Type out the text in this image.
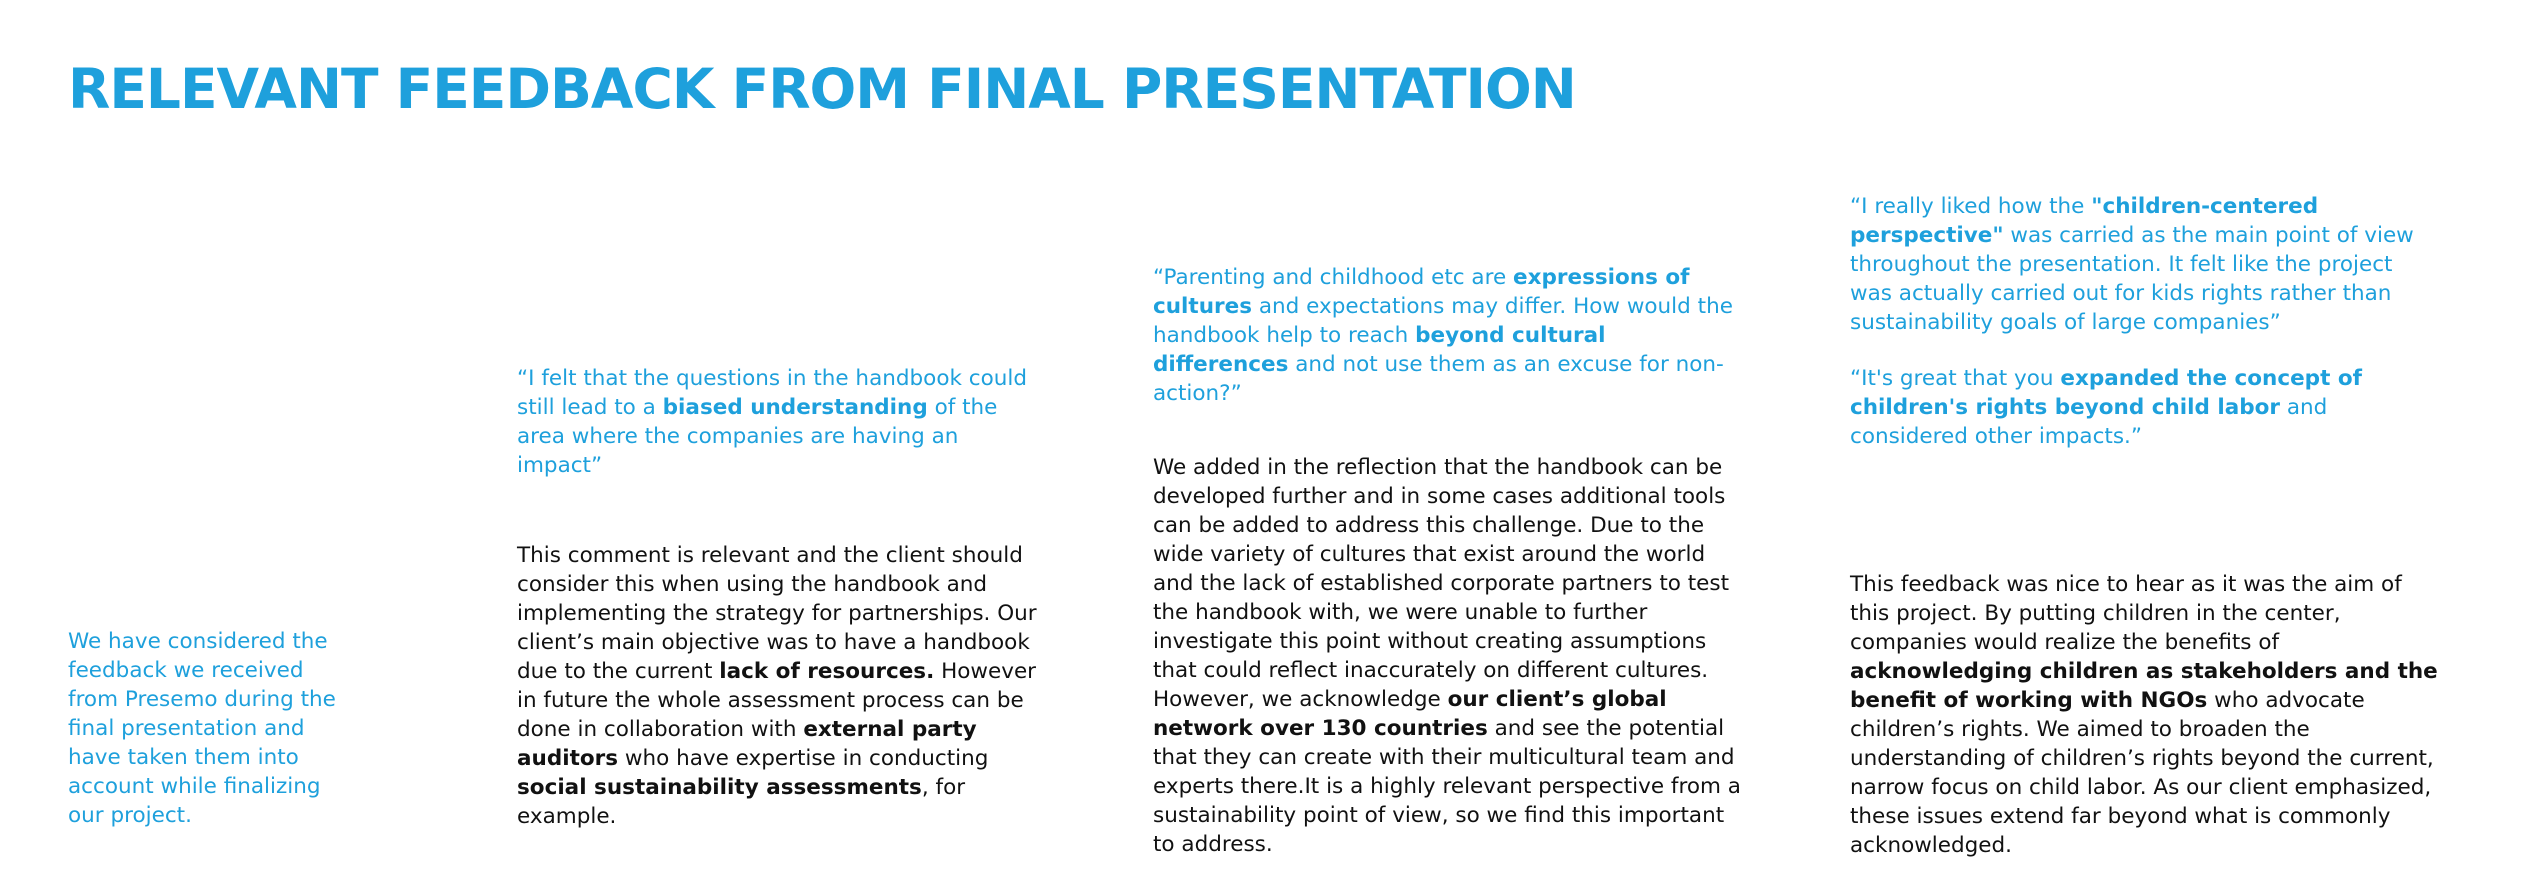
RELEVANT FEEDBACK FROM FINAL PRESENTATION

We have considered the feedback we received from Presemo during the final presentation and have taken them into account while finalizing our project.

“I felt that the questions in the handbook could still lead to a biased understanding of the area where the companies are having an impact”

This comment is relevant and the client should consider this when using the handbook and implementing the strategy for partnerships. Our client’s main objective was to have a handbook due to the current lack of resources. However in future the whole assessment process can be done in collaboration with external party auditors who have expertise in conducting social sustainability assessments, for example.

“Parenting and childhood etc are expressions of cultures and expectations may differ. How would the handbook help to reach beyond cultural differences and not use them as an excuse for non-action?”

We added in the reflection that the handbook can be developed further and in some cases additional tools can be added to address this challenge. Due to the wide variety of cultures that exist around the world and the lack of established corporate partners to test the handbook with, we were unable to further investigate this point without creating assumptions that could reflect inaccurately on different cultures. However, we acknowledge our client’s global network over 130 countries and see the potential that they can create with their multicultural team and experts there.It is a highly relevant perspective from a sustainability point of view, so we find this important to address.

“I really liked how the "children-centered perspective" was carried as the main point of view throughout the presentation. It felt like the project was actually carried out for kids rights rather than sustainability goals of large companies”

“It's great that you expanded the concept of children's rights beyond child labor and considered other impacts.”

This feedback was nice to hear as it was the aim of this project. By putting children in the center, companies would realize the benefits of acknowledging children as stakeholders and the benefit of working with NGOs who advocate children’s rights. We aimed to broaden the understanding of children’s rights beyond the current, narrow focus on child labor. As our client emphasized, these issues extend far beyond what is commonly acknowledged.
